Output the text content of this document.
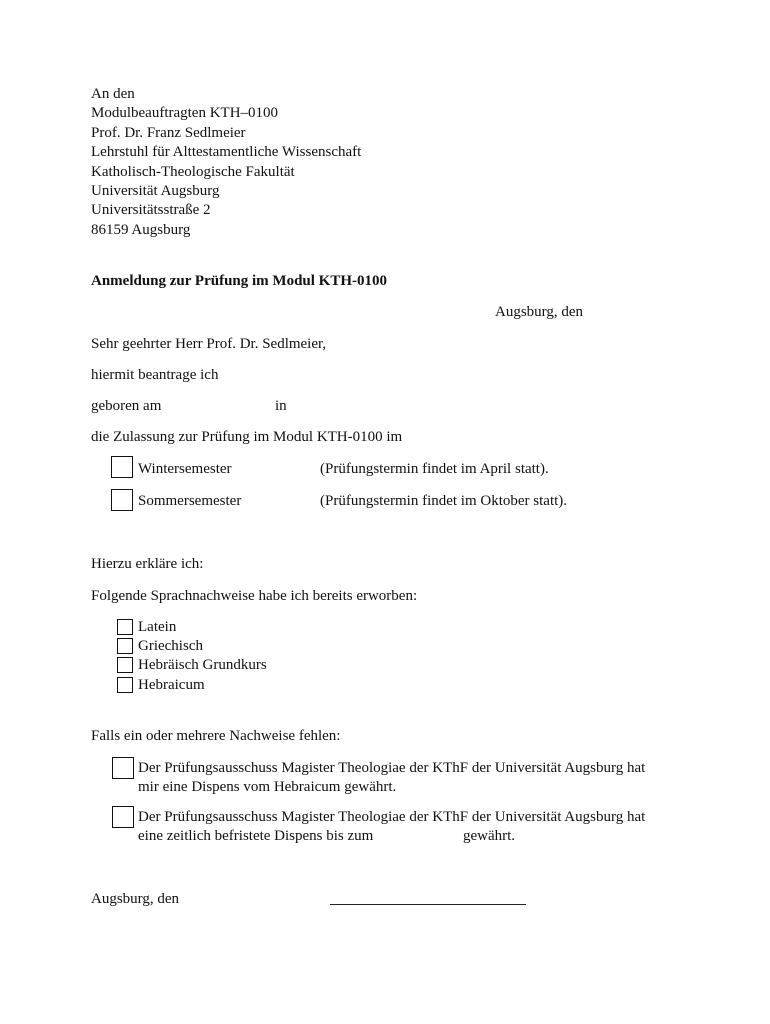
An den
Modulbeauftragten KTH–0100
Prof. Dr. Franz Sedlmeier
Lehrstuhl für Alttestamentliche Wissenschaft
Katholisch-Theologische Fakultät
Universität Augsburg
Universitätsstraße 2
86159 Augsburg
Anmeldung zur Prüfung im Modul KTH-0100
Augsburg, den
Sehr geehrter Herr Prof. Dr. Sedlmeier,
hiermit beantrage ich
geboren am	in
die Zulassung zur Prüfung im Modul KTH-0100 im
Wintersemester	(Prüfungstermin findet im April statt).
Sommersemester	(Prüfungstermin findet im Oktober statt).
Hierzu erkläre ich:
Folgende Sprachnachweise habe ich bereits erworben:
Latein
Griechisch
Hebräisch Grundkurs
Hebraicum
Falls ein oder mehrere Nachweise fehlen:
Der Prüfungsausschuss Magister Theologiae der KThF der Universität Augsburg hat
mir eine Dispens vom Hebraicum gewährt.
Der Prüfungsausschuss Magister Theologiae der KThF der Universität Augsburg hat
eine zeitlich befristete Dispens bis zum	gewährt.
Augsburg, den
